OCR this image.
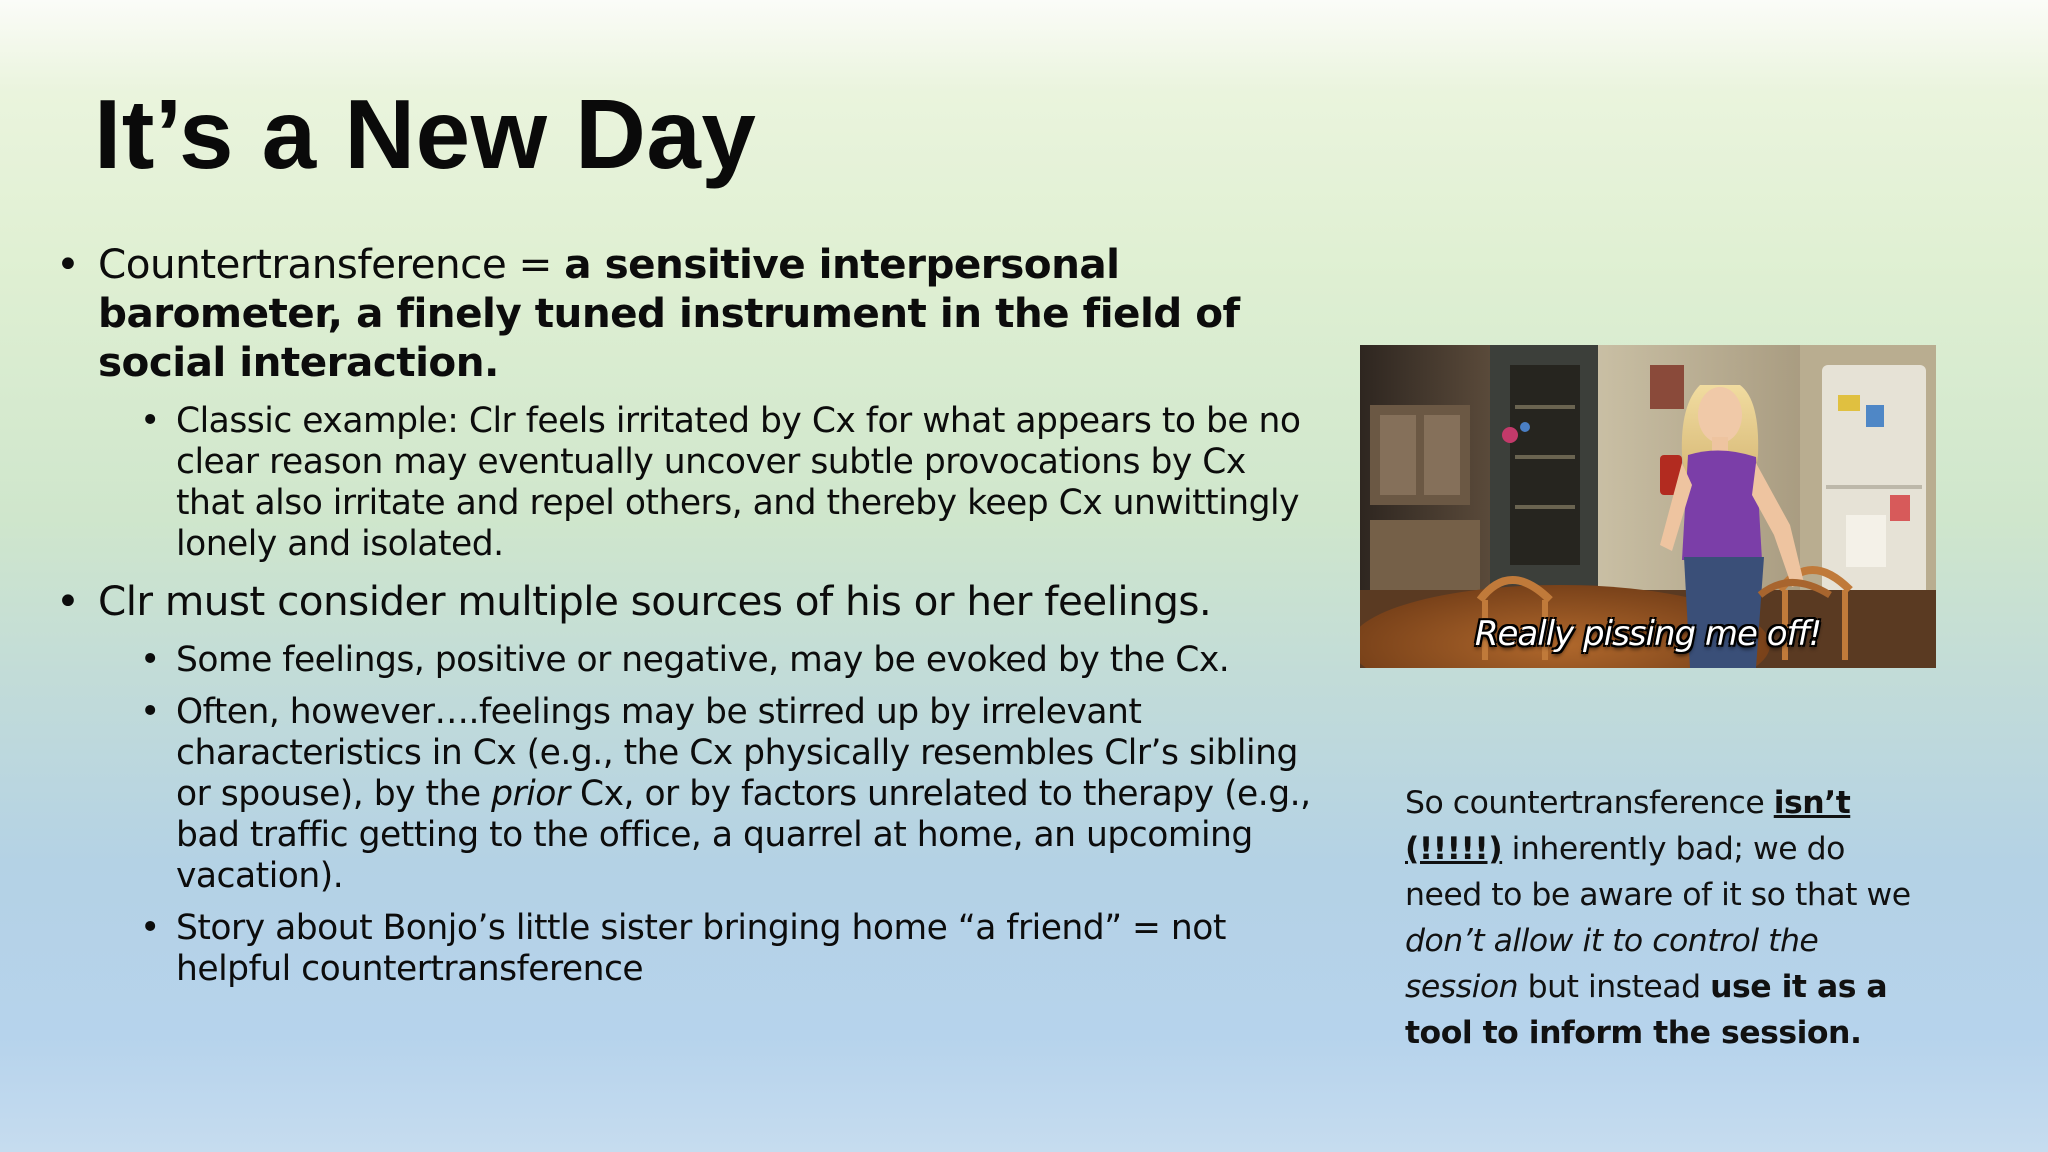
It’s a New Day
• Countertransference = a sensitive interpersonal barometer, a finely tuned instrument in the field of social interaction.
• Classic example: Clr feels irritated by Cx for what appears to be no clear reason may eventually uncover subtle provocations by Cx that also irritate and repel others, and thereby keep Cx unwittingly lonely and isolated.
• Clr must consider multiple sources of his or her feelings.
• Some feelings, positive or negative, may be evoked by the Cx.
• Often, however….feelings may be stirred up by irrelevant characteristics in Cx (e.g., the Cx physically resembles Clr’s sibling or spouse), by the prior Cx, or by factors unrelated to therapy (e.g., bad traffic getting to the office, a quarrel at home, an upcoming vacation).
• Story about Bonjo’s little sister bringing home “a friend” = not helpful countertransference
Really pissing me off!
So countertransference isn’t (!!!!!) inherently bad; we do need to be aware of it so that we don’t allow it to control the session but instead use it as a tool to inform the session.
